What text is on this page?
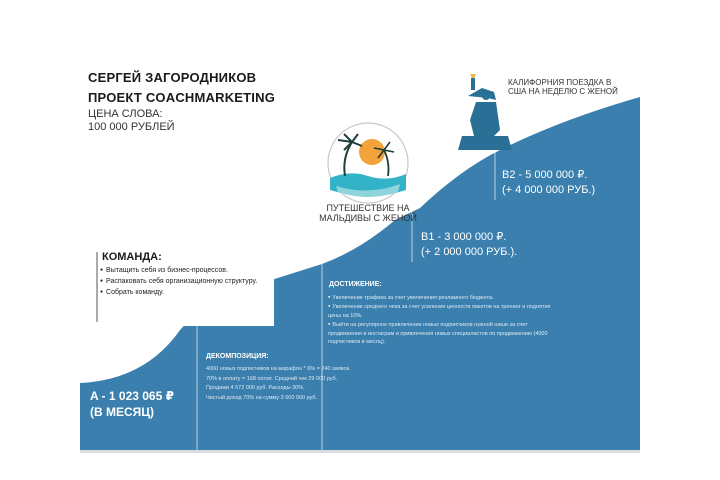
СЕРГЕЙ ЗАГОРОДНИКОВ

ПРОЕКТ COACHMARKETING

ЦЕНА СЛОВА:

100 000 РУБЛЕЙ

ПУТЕШЕСТВИЕ НА МАЛЬДИВЫ С ЖЕНОЙ

КАЛИФОРНИЯ ПОЕЗДКА В США НА НЕДЕЛЮ С ЖЕНОЙ

КОМАНДА:

● Вытащить себя из бизнес-процессов.
● Распаковать себя организационную структуру.
● Собрать команду.

ДОСТИЖЕНИЕ:

● Увеличение трафика за счет увеличения рекламного бюджета.
● Увеличение среднего чека за счет усиления ценности пакетов на тренинг и поднятия цены на 10%.
● Выйти на регулярное привлечение новых подписчиков нужной ниши за счет продвижения в инстаграм и привлечения новых специалистов по продвижению (4000 подписчиков в месяц).

ДЕКОМПОЗИЦИЯ:

4000 новых подписчиков на марафон * 6% = 240 заявок.
70% в оплату = 168 оплат. Средний чек 29 000 руб.
Продажи 4 572 000 руб. Расходы 30%.
Чистый доход 70% на сумму 3 000 000 руб.
A - 1 023 065 ₽
(В МЕСЯЦ)
B1 - 3 000 000 ₽.
(+ 2 000 000 РУБ.).
B2 - 5 000 000 ₽.
(+ 4 000 000 РУБ.)
